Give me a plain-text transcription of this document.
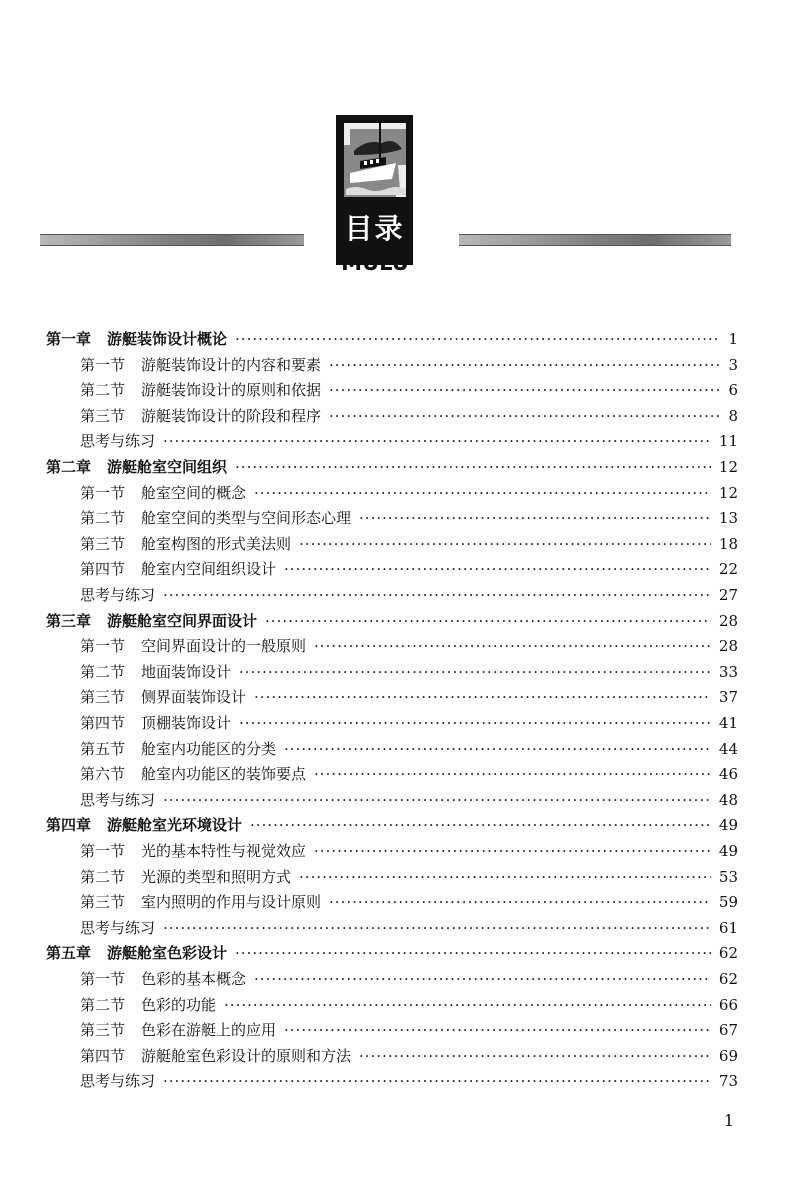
目录
MULU
第一章 游艇装饰设计概论 ·····	1
第一节 游艇装饰设计的内容和要素 ·····	3
第二节 游艇装饰设计的原则和依据 ·····	6
第三节 游艇装饰设计的阶段和程序 ·····	8
思考与练习 ·····	11
第二章 游艇舱室空间组织 ·····	12
第一节 舱室空间的概念 ·····	12
第二节 舱室空间的类型与空间形态心理 ·····	13
第三节 舱室构图的形式美法则 ·····	18
第四节 舱室内空间组织设计 ·····	22
思考与练习 ·····	27
第三章 游艇舱室空间界面设计 ·····	28
第一节 空间界面设计的一般原则 ·····	28
第二节 地面装饰设计 ·····	33
第三节 侧界面装饰设计 ·····	37
第四节 顶棚装饰设计 ·····	41
第五节 舱室内功能区的分类 ·····	44
第六节 舱室内功能区的装饰要点 ·····	46
思考与练习 ·····	48
第四章 游艇舱室光环境设计 ·····	49
第一节 光的基本特性与视觉效应 ·····	49
第二节 光源的类型和照明方式 ·····	53
第三节 室内照明的作用与设计原则 ·····	59
思考与练习 ·····	61
第五章 游艇舱室色彩设计 ·····	62
第一节 色彩的基本概念 ·····	62
第二节 色彩的功能 ·····	66
第三节 色彩在游艇上的应用 ·····	67
第四节 游艇舱室色彩设计的原则和方法 ·····	69
思考与练习 ·····	73
1
